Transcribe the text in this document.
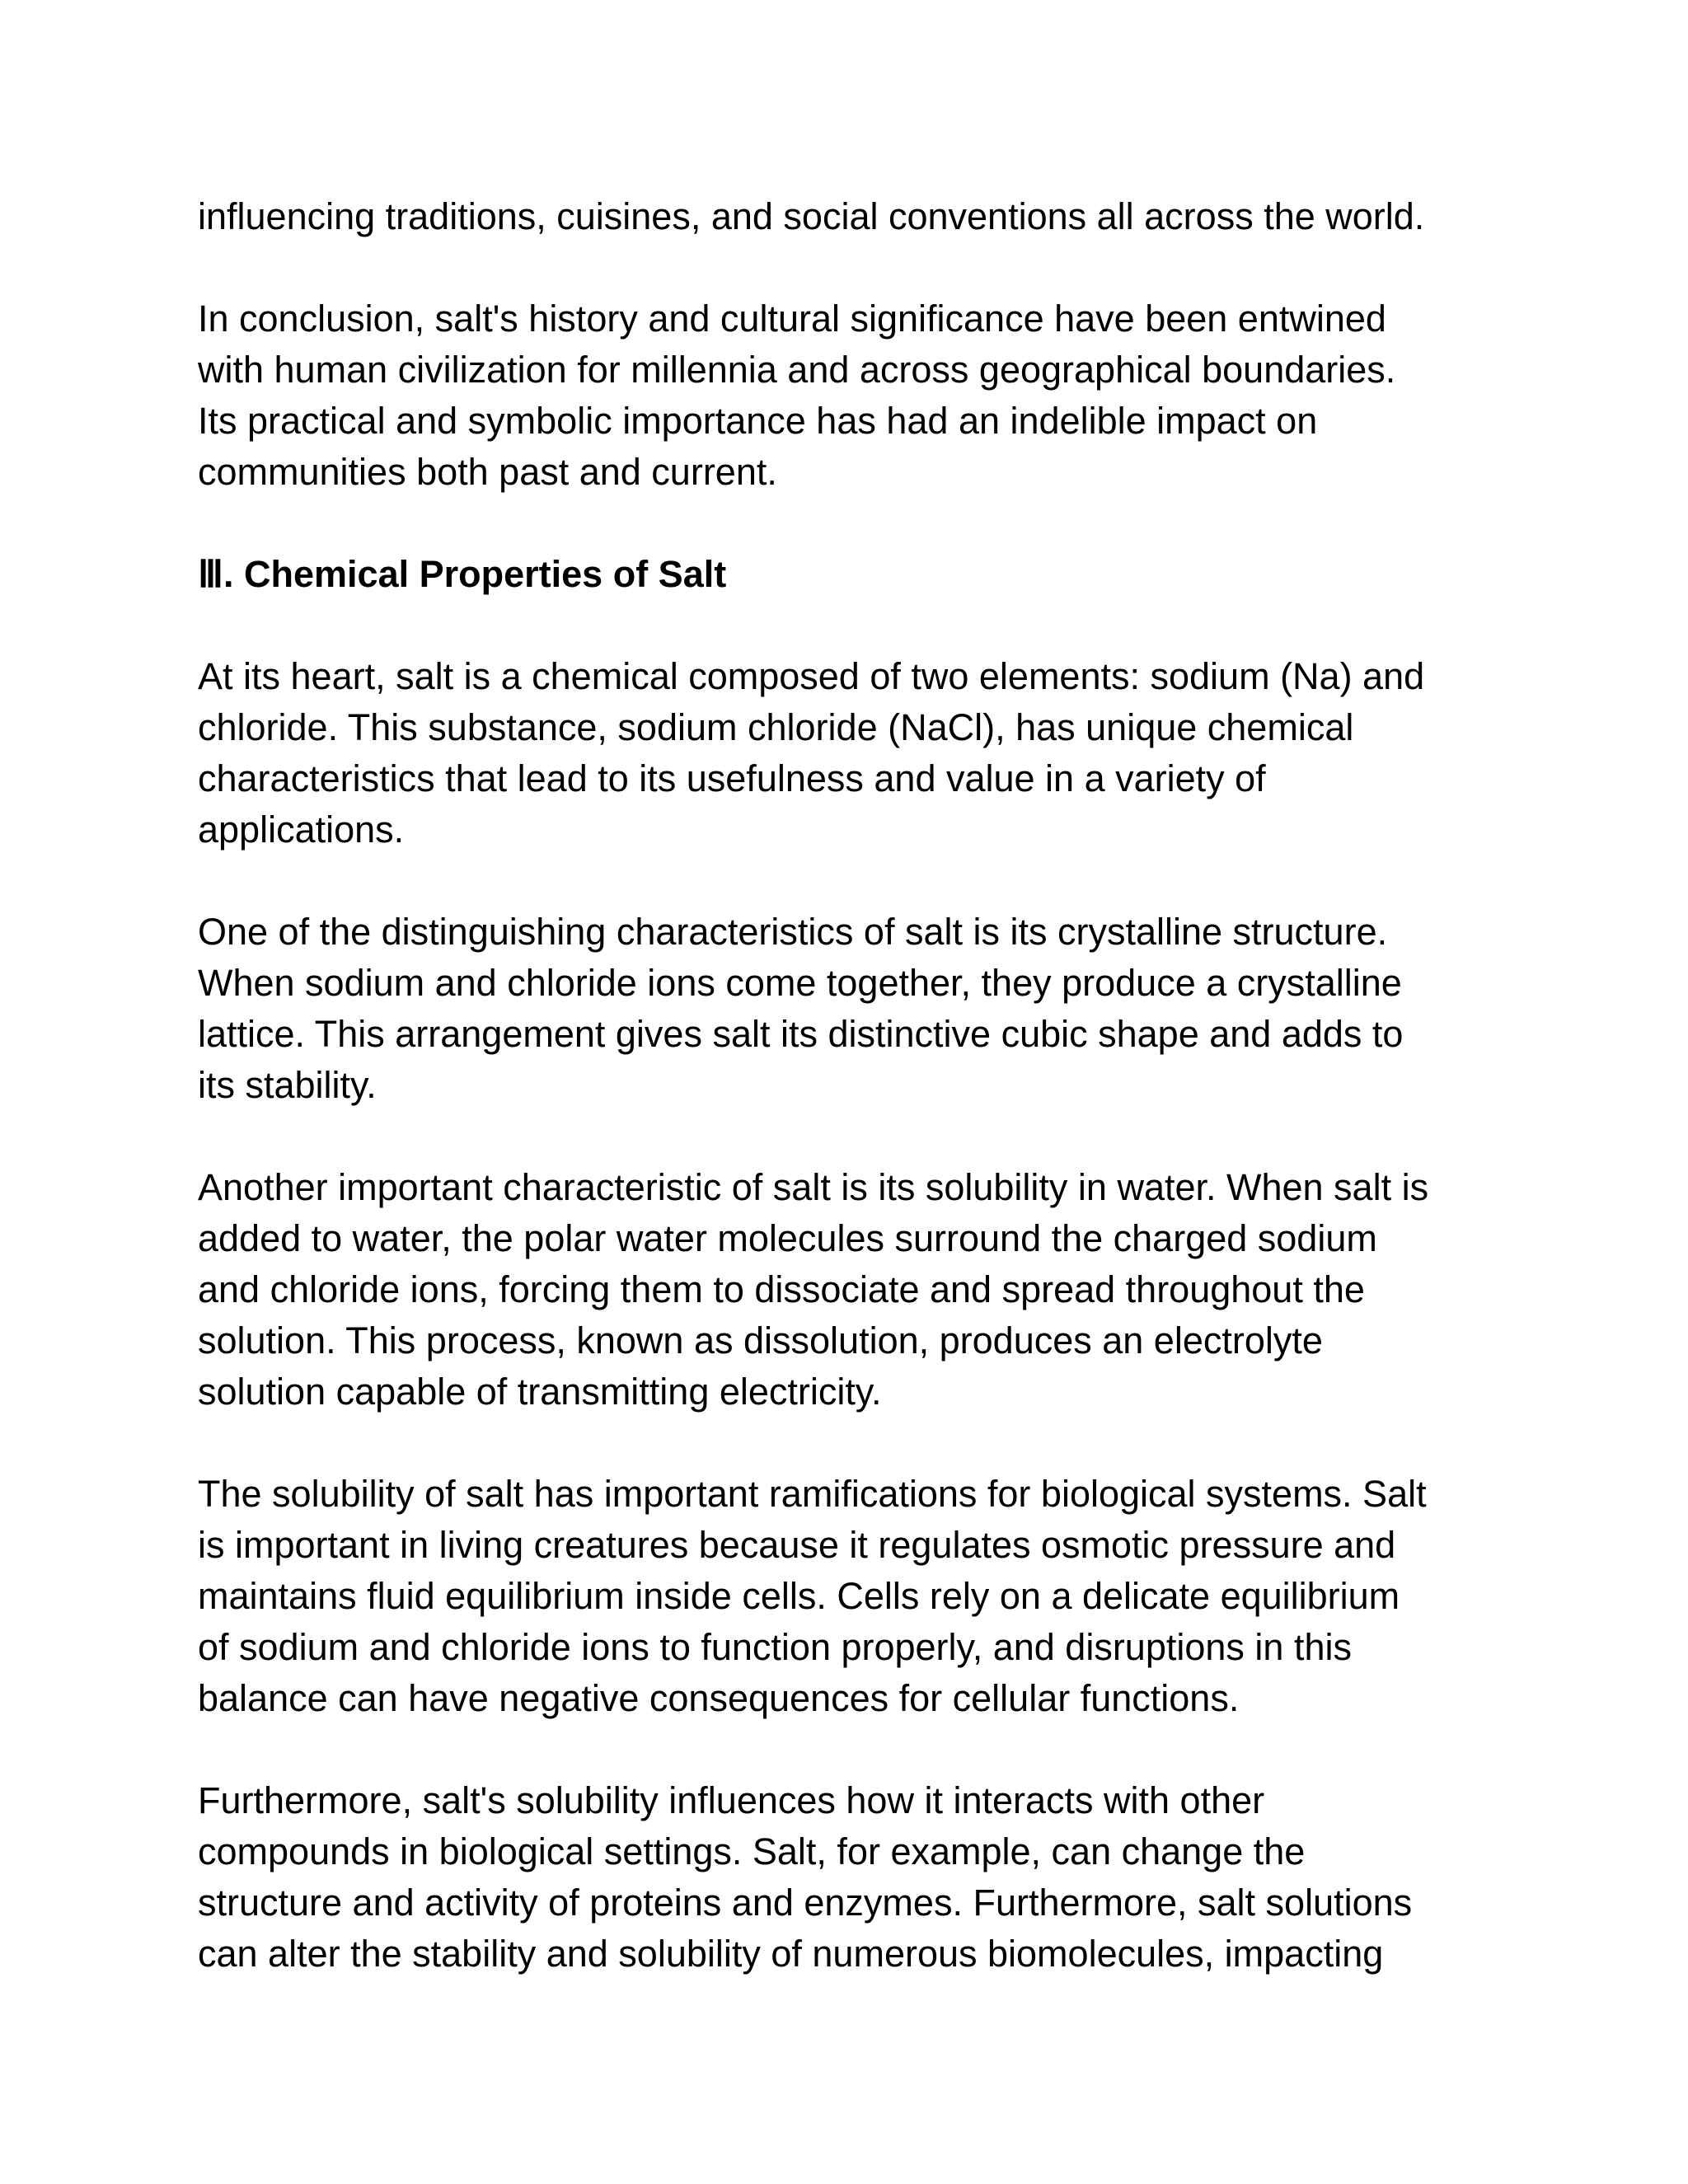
influencing traditions, cuisines, and social conventions all across the world.

In conclusion, salt's history and cultural significance have been entwined
with human civilization for millennia and across geographical boundaries.
Its practical and symbolic importance has had an indelible impact on
communities both past and current.

Ⅲ. Chemical Properties of Salt

At its heart, salt is a chemical composed of two elements: sodium (Na) and
chloride. This substance, sodium chloride (NaCl), has unique chemical
characteristics that lead to its usefulness and value in a variety of
applications.

One of the distinguishing characteristics of salt is its crystalline structure.
When sodium and chloride ions come together, they produce a crystalline
lattice. This arrangement gives salt its distinctive cubic shape and adds to
its stability.

Another important characteristic of salt is its solubility in water. When salt is
added to water, the polar water molecules surround the charged sodium
and chloride ions, forcing them to dissociate and spread throughout the
solution. This process, known as dissolution, produces an electrolyte
solution capable of transmitting electricity.

The solubility of salt has important ramifications for biological systems. Salt
is important in living creatures because it regulates osmotic pressure and
maintains fluid equilibrium inside cells. Cells rely on a delicate equilibrium
of sodium and chloride ions to function properly, and disruptions in this
balance can have negative consequences for cellular functions.

Furthermore, salt's solubility influences how it interacts with other
compounds in biological settings. Salt, for example, can change the
structure and activity of proteins and enzymes. Furthermore, salt solutions
can alter the stability and solubility of numerous biomolecules, impacting
